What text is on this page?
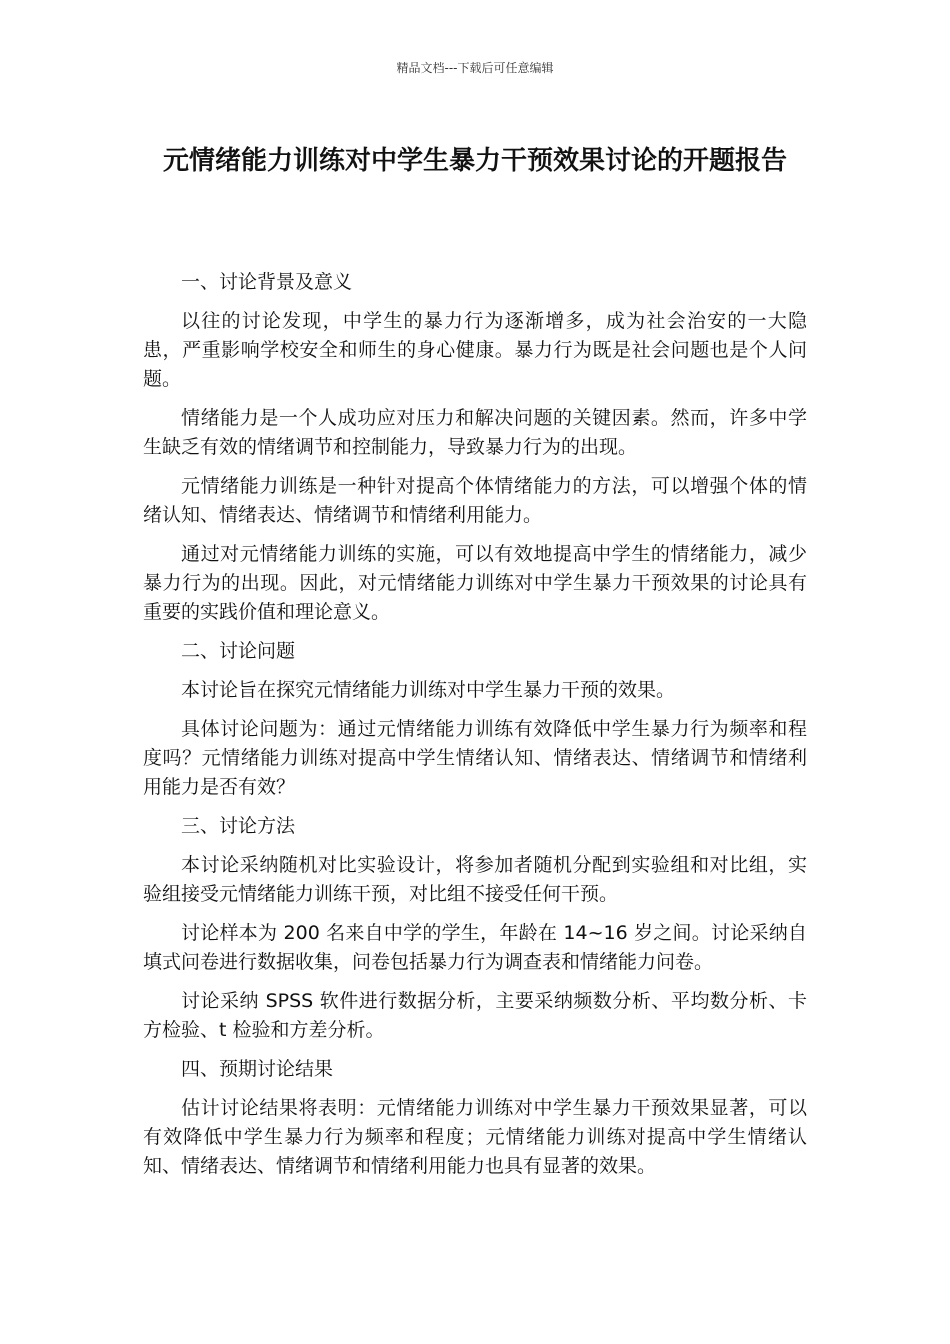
精品文档---下载后可任意编辑
元情绪能力训练对中学生暴力干预效果讨论的开题报告

一、讨论背景及意义

以往的讨论发现，中学生的暴力行为逐渐增多，成为社会治安的一大隐患，严重影响学校安全和师生的身心健康。暴力行为既是社会问题也是个人问题。

情绪能力是一个人成功应对压力和解决问题的关键因素。然而，许多中学生缺乏有效的情绪调节和控制能力，导致暴力行为的出现。

元情绪能力训练是一种针对提高个体情绪能力的方法，可以增强个体的情绪认知、情绪表达、情绪调节和情绪利用能力。

通过对元情绪能力训练的实施，可以有效地提高中学生的情绪能力，减少暴力行为的出现。因此，对元情绪能力训练对中学生暴力干预效果的讨论具有重要的实践价值和理论意义。

二、讨论问题

本讨论旨在探究元情绪能力训练对中学生暴力干预的效果。

具体讨论问题为：通过元情绪能力训练有效降低中学生暴力行为频率和程度吗？元情绪能力训练对提高中学生情绪认知、情绪表达、情绪调节和情绪利用能力是否有效？

三、讨论方法

本讨论采纳随机对比实验设计，将参加者随机分配到实验组和对比组，实验组接受元情绪能力训练干预，对比组不接受任何干预。

讨论样本为 200 名来自中学的学生，年龄在 14~16 岁之间。讨论采纳自填式问卷进行数据收集，问卷包括暴力行为调查表和情绪能力问卷。

讨论采纳 SPSS 软件进行数据分析，主要采纳频数分析、平均数分析、卡方检验、t 检验和方差分析。

四、预期讨论结果

估计讨论结果将表明：元情绪能力训练对中学生暴力干预效果显著，可以有效降低中学生暴力行为频率和程度；元情绪能力训练对提高中学生情绪认知、情绪表达、情绪调节和情绪利用能力也具有显著的效果。
